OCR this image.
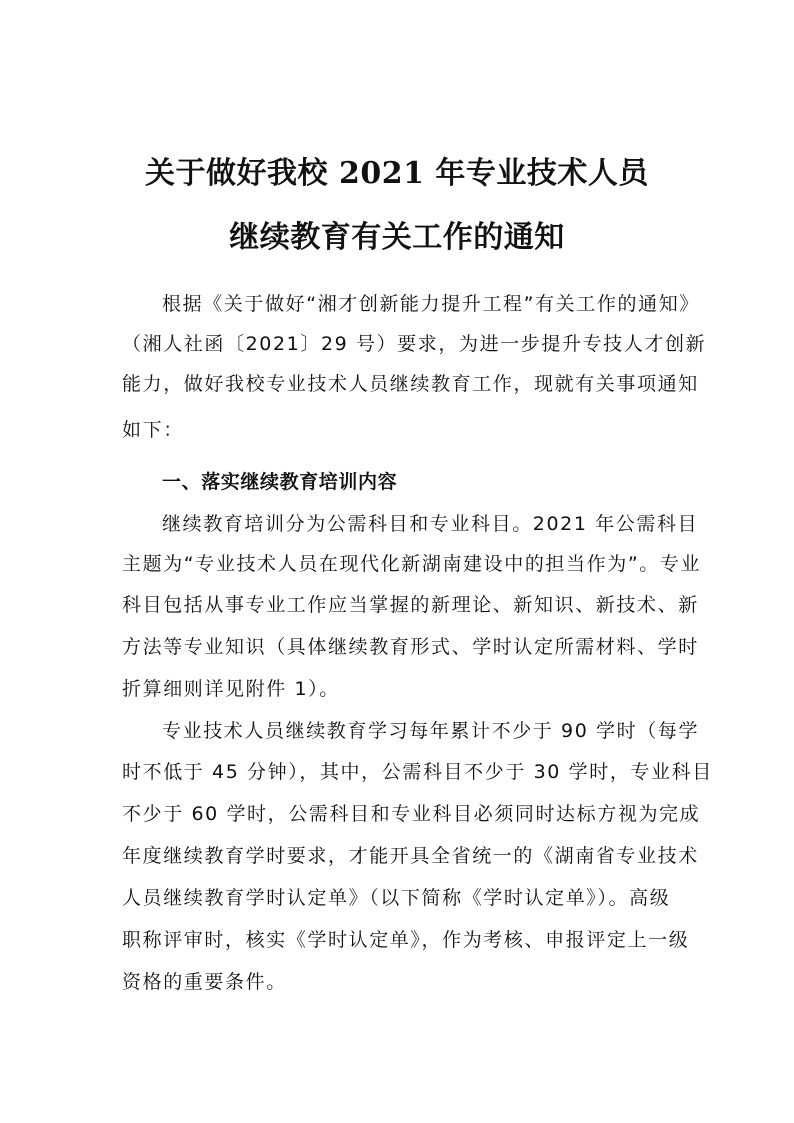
关于做好我校 2021 年专业技术人员
继续教育有关工作的通知
根据《关于做好“湘才创新能力提升工程”有关工作的通知》
（湘人社函〔2021〕29 号）要求，为进一步提升专技人才创新
能力，做好我校专业技术人员继续教育工作，现就有关事项通知
如下：
一、落实继续教育培训内容
继续教育培训分为公需科目和专业科目。2021 年公需科目
主题为“专业技术人员在现代化新湖南建设中的担当作为”。专业
科目包括从事专业工作应当掌握的新理论、新知识、新技术、新
方法等专业知识（具体继续教育形式、学时认定所需材料、学时
折算细则详见附件 1）。
专业技术人员继续教育学习每年累计不少于 90 学时（每学
时不低于 45 分钟），其中，公需科目不少于 30 学时，专业科目
不少于 60 学时，公需科目和专业科目必须同时达标方视为完成
年度继续教育学时要求，才能开具全省统一的《湖南省专业技术
人员继续教育学时认定单》（以下简称《学时认定单》）。高级
职称评审时，核实《学时认定单》，作为考核、申报评定上一级
资格的重要条件。
